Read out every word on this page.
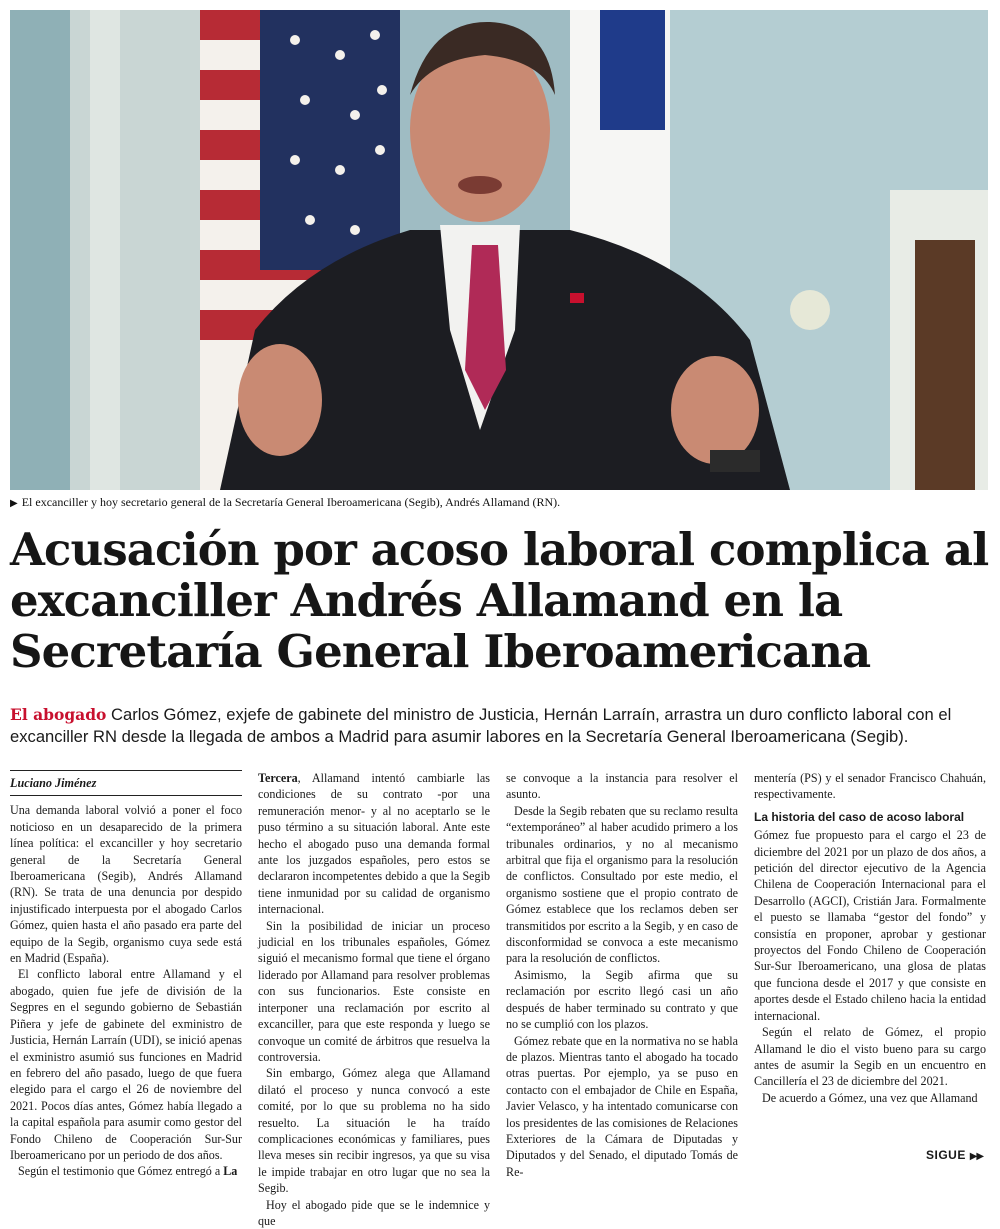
▶ El excanciller y hoy secretario general de la Secretaría General Iberoamericana (Segib), Andrés Allamand (RN).
Acusación por acoso laboral complica al excanciller Andrés Allamand en la Secretaría General Iberoamericana

El abogado Carlos Gómez, exjefe de gabinete del ministro de Justicia, Hernán Larraín, arrastra un duro conflicto laboral con el excanciller RN desde la llegada de ambos a Madrid para asumir labores en la Secretaría General Iberoamericana (Segib).

Luciano Jiménez

Una demanda laboral volvió a poner el foco noticioso en un desaparecido de la primera línea política: el excanciller y hoy secretario general de la Secretaría General Iberoamericana (Segib), Andrés Allamand (RN). Se trata de una denuncia por despido injustificado interpuesta por el abogado Carlos Gómez, quien hasta el año pasado era parte del equipo de la Segib, organismo cuya sede está en Madrid (España).

El conflicto laboral entre Allamand y el abogado, quien fue jefe de división de la Segpres en el segundo gobierno de Sebastián Piñera y jefe de gabinete del exministro de Justicia, Hernán Larraín (UDI), se inició apenas el exministro asumió sus funciones en Madrid en febrero del año pasado, luego de que fuera elegido para el cargo el 26 de noviembre del 2021. Pocos días antes, Gómez había llegado a la capital española para asumir como gestor del Fondo Chileno de Cooperación Sur-Sur Iberoamericano por un periodo de dos años.

Según el testimonio que Gómez entregó a La

Tercera, Allamand intentó cambiarle las condiciones de su contrato -por una remuneración menor- y al no aceptarlo se le puso término a su situación laboral. Ante este hecho el abogado puso una demanda formal ante los juzgados españoles, pero estos se declararon incompetentes debido a que la Segib tiene inmunidad por su calidad de organismo internacional.

Sin la posibilidad de iniciar un proceso judicial en los tribunales españoles, Gómez siguió el mecanismo formal que tiene el órgano liderado por Allamand para resolver problemas con sus funcionarios. Este consiste en interponer una reclamación por escrito al excanciller, para que este responda y luego se convoque un comité de árbitros que resuelva la controversia.

Sin embargo, Gómez alega que Allamand dilató el proceso y nunca convocó a este comité, por lo que su problema no ha sido resuelto. La situación le ha traído complicaciones económicas y familiares, pues lleva meses sin recibir ingresos, ya que su visa le impide trabajar en otro lugar que no sea la Segib.

Hoy el abogado pide que se le indemnice y que

se convoque a la instancia para resolver el asunto.

Desde la Segib rebaten que su reclamo resulta “extemporáneo” al haber acudido primero a los tribunales ordinarios, y no al mecanismo arbitral que fija el organismo para la resolución de conflictos. Consultado por este medio, el organismo sostiene que el propio contrato de Gómez establece que los reclamos deben ser transmitidos por escrito a la Segib, y en caso de disconformidad se convoca a este mecanismo para la resolución de conflictos.

Asimismo, la Segib afirma que su reclamación por escrito llegó casi un año después de haber terminado su contrato y que no se cumplió con los plazos.

Gómez rebate que en la normativa no se habla de plazos. Mientras tanto el abogado ha tocado otras puertas. Por ejemplo, ya se puso en contacto con el embajador de Chile en España, Javier Velasco, y ha intentado comunicarse con los presidentes de las comisiones de Relaciones Exteriores de la Cámara de Diputadas y Diputados y del Senado, el diputado Tomás de Re-

mentería (PS) y el senador Francisco Chahuán, respectivamente.

La historia del caso de acoso laboral

Gómez fue propuesto para el cargo el 23 de diciembre del 2021 por un plazo de dos años, a petición del director ejecutivo de la Agencia Chilena de Cooperación Internacional para el Desarrollo (AGCI), Cristián Jara. Formalmente el puesto se llamaba “gestor del fondo” y consistía en proponer, aprobar y gestionar proyectos del Fondo Chileno de Cooperación Sur-Sur Iberoamericano, una glosa de platas que funciona desde el 2017 y que consiste en aportes desde el Estado chileno hacia la entidad internacional.

Según el relato de Gómez, el propio Allamand le dio el visto bueno para su cargo antes de asumir la Segib en un encuentro en Cancillería el 23 de diciembre del 2021.

De acuerdo a Gómez, una vez que Allamand

SIGUE ▶▶
